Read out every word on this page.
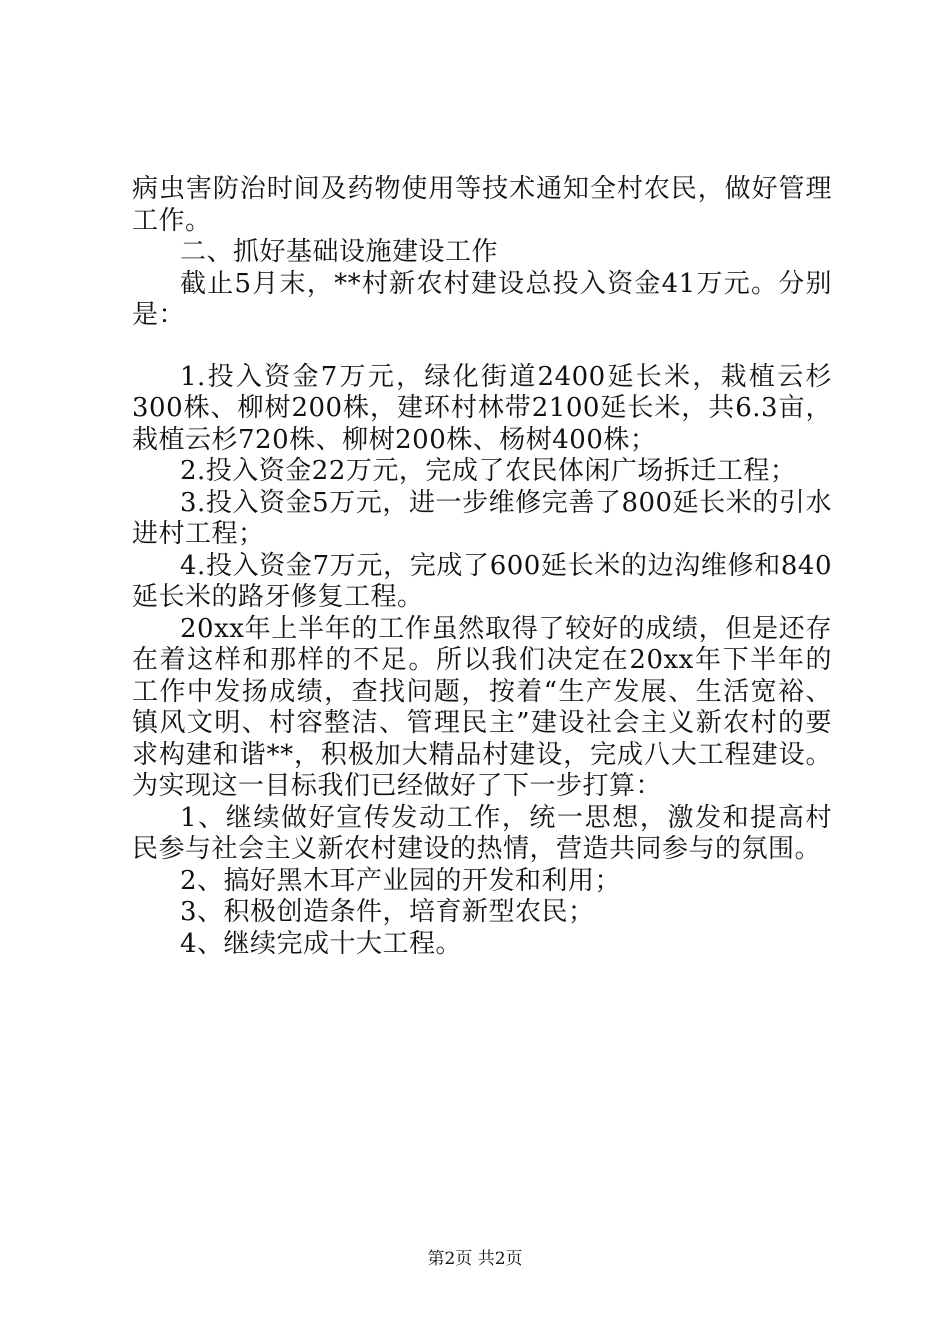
病虫害防治时间及药物使用等技术通知全村农民，做好管理工作。

二、抓好基础设施建设工作

截止5月末，**村新农村建设总投入资金41万元。分别是：

1.投入资金7万元，绿化街道2400延长米，栽植云杉300株、柳树200株，建环村林带2100延长米，共6.3亩，栽植云杉720株、柳树200株、杨树400株；

2.投入资金22万元，完成了农民体闲广场拆迁工程；

3.投入资金5万元，进一步维修完善了800延长米的引水进村工程；

4.投入资金7万元，完成了600延长米的边沟维修和840延长米的路牙修复工程。

20xx年上半年的工作虽然取得了较好的成绩，但是还存在着这样和那样的不足。所以我们决定在20xx年下半年的工作中发扬成绩，查找问题，按着“生产发展、生活宽裕、镇风文明、村容整洁、管理民主”建设社会主义新农村的要求构建和谐**，积极加大精品村建设，完成八大工程建设。为实现这一目标我们已经做好了下一步打算：

1、继续做好宣传发动工作，统一思想，激发和提高村民参与社会主义新农村建设的热情，营造共同参与的氛围。

2、搞好黑木耳产业园的开发和利用；

3、积极创造条件，培育新型农民；

4、继续完成十大工程。

第2页 共2页
